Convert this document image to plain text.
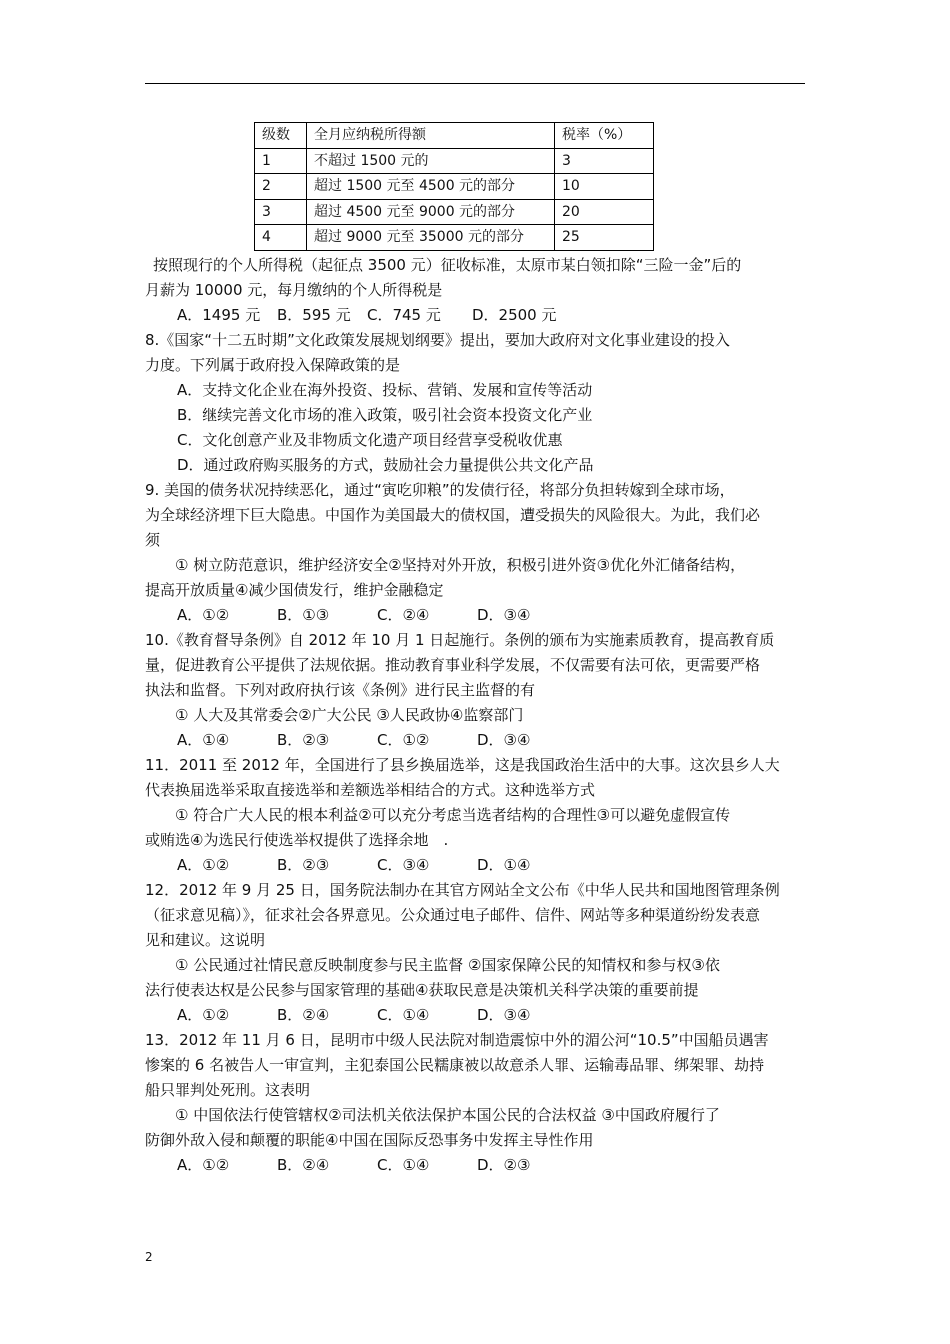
级数	全月应纳税所得额	税率（%）
1	不超过 1500 元的	3
2	超过 1500 元至 4500 元的部分	10
3	超过 4500 元至 9000 元的部分	20
4	超过 9000 元至 35000 元的部分	25
按照现行的个人所得税（起征点 3500 元）征收标准，太原市某白领扣除“三险一金”后的
月薪为 10000 元，每月缴纳的个人所得税是
A．1495 元 B．595 元 C．745 元 D．2500 元
8.《国家“十二五时期”文化政策发展规划纲要》提出，要加大政府对文化事业建设的投入
力度。下列属于政府投入保障政策的是
A．支持文化企业在海外投资、投标、营销、发展和宣传等活动
B．继续完善文化市场的准入政策，吸引社会资本投资文化产业
C．文化创意产业及非物质文化遗产项目经营享受税收优惠
D．通过政府购买服务的方式，鼓励社会力量提供公共文化产品
9. 美国的债务状况持续恶化，通过“寅吃卯粮”的发债行径，将部分负担转嫁到全球市场，
为全球经济埋下巨大隐患。中国作为美国最大的债权国，遭受损失的风险很大。为此，我们必
须
① 树立防范意识，维护经济安全②坚持对外开放，积极引进外资③优化外汇储备结构，
提高开放质量④减少国债发行，维护金融稳定
A．①②	B．①③	C．②④	D．③④
10.《教育督导条例》自 2012 年 10 月 1 日起施行。条例的颁布为实施素质教育，提高教育质
量，促进教育公平提供了法规依据。推动教育事业科学发展，不仅需要有法可依，更需要严格
执法和监督。下列对政府执行该《条例》进行民主监督的有
① 人大及其常委会②广大公民 ③人民政协④监察部门
A．①④	B．②③	C．①②	D．③④
11．2011 至 2012 年，全国进行了县乡换届选举，这是我国政治生活中的大事。这次县乡人大
代表换届选举采取直接选举和差额选举相结合的方式。这种选举方式
① 符合广大人民的根本利益②可以充分考虑当选者结构的合理性③可以避免虚假宣传
或贿选④为选民行使选举权提供了选择余地　.
A．①②	B．②③	C．③④	D．①④
12．2012 年 9 月 25 日，国务院法制办在其官方网站全文公布《中华人民共和国地图管理条例
（征求意见稿）》，征求社会各界意见。公众通过电子邮件、信件、网站等多种渠道纷纷发表意
见和建议。这说明
① 公民通过社情民意反映制度参与民主监督 ②国家保障公民的知情权和参与权③依
法行使表达权是公民参与国家管理的基础④获取民意是决策机关科学决策的重要前提
A．①②	B．②④	C．①④	D．③④
13．2012 年 11 月 6 日，昆明市中级人民法院对制造震惊中外的湄公河“10.5”中国船员遇害
惨案的 6 名被告人一审宣判，主犯泰国公民糯康被以故意杀人罪、运输毒品罪、绑架罪、劫持
船只罪判处死刑。这表明
① 中国依法行使管辖权②司法机关依法保护本国公民的合法权益 ③中国政府履行了
防御外敌入侵和颠覆的职能④中国在国际反恐事务中发挥主导性作用
A．①②	B．②④	C．①④	D．②③
2
